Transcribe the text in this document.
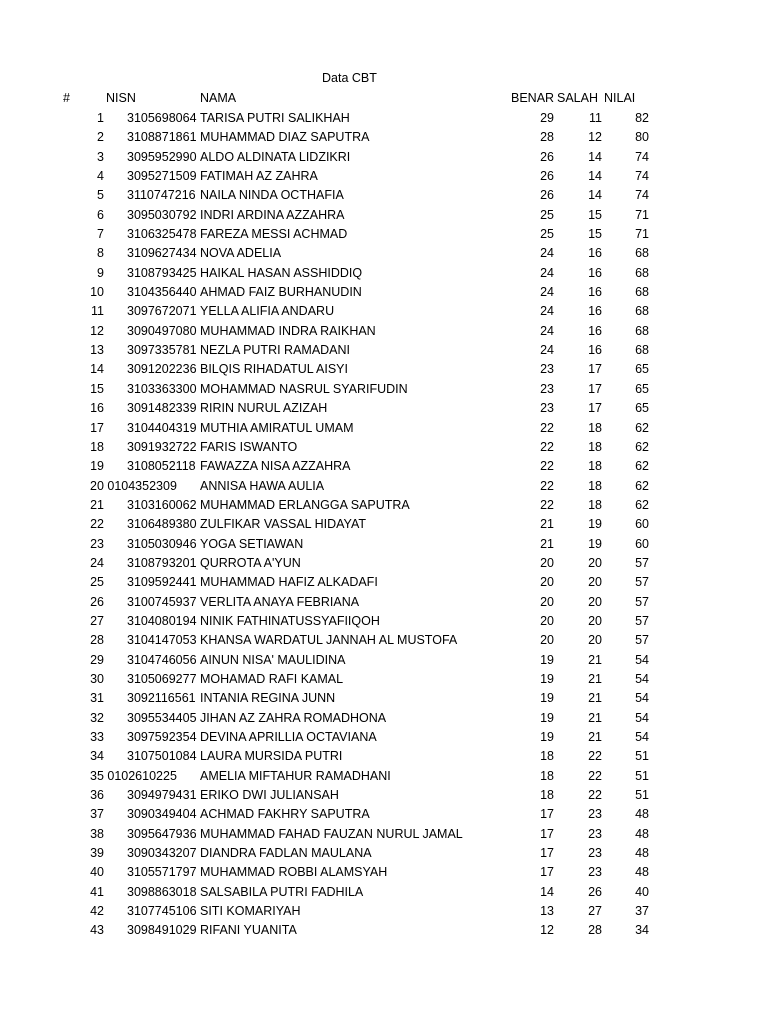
Data CBT
#	NISN	NAMA	BENAR SALAH NILAI
1 3105698064 TARISA PUTRI SALIKHAH	29	11	82
2 3108871861 MUHAMMAD DIAZ SAPUTRA	28	12	80
3 3095952990 ALDO ALDINATA LIDZIKRI	26	14	74
4 3095271509 FATIMAH AZ ZAHRA	26	14	74
5 3110747216 NAILA NINDA OCTHAFIA	26	14	74
6 3095030792 INDRI ARDINA AZZAHRA	25	15	71
7 3106325478 FAREZA MESSI ACHMAD	25	15	71
8 3109627434 NOVA ADELIA	24	16	68
9 3108793425 HAIKAL HASAN ASSHIDDIQ	24	16	68
10 3104356440 AHMAD FAIZ BURHANUDIN	24	16	68
11 3097672071 YELLA ALIFIA ANDARU	24	16	68
12 3090497080 MUHAMMAD INDRA RAIKHAN	24	16	68
13 3097335781 NEZLA PUTRI RAMADANI	24	16	68
14 3091202236 BILQIS RIHADATUL AISYI	23	17	65
15 3103363300 MOHAMMAD NASRUL SYARIFUDIN	23	17	65
16 3091482339 RIRIN NURUL AZIZAH	23	17	65
17 3104404319 MUTHIA AMIRATUL UMAM	22	18	62
18 3091932722 FARIS ISWANTO	22	18	62
19 3108052118 FAWAZZA NISA AZZAHRA	22	18	62
20 0104352309 ANNISA HAWA AULIA	22	18	62
21 3103160062 MUHAMMAD ERLANGGA SAPUTRA	22	18	62
22 3106489380 ZULFIKAR VASSAL HIDAYAT	21	19	60
23 3105030946 YOGA SETIAWAN	21	19	60
24 3108793201 QURROTA A'YUN	20	20	57
25 3109592441 MUHAMMAD HAFIZ ALKADAFI	20	20	57
26 3100745937 VERLITA ANAYA FEBRIANA	20	20	57
27 3104080194 NINIK FATHINATUSSYAFIIQOH	20	20	57
28 3104147053 KHANSA WARDATUL JANNAH AL MUSTOFA	20	20	57
29 3104746056 AINUN NISA' MAULIDINA	19	21	54
30 3105069277 MOHAMAD RAFI KAMAL	19	21	54
31 3092116561 INTANIA REGINA JUNN	19	21	54
32 3095534405 JIHAN AZ ZAHRA ROMADHONA	19	21	54
33 3097592354 DEVINA APRILLIA OCTAVIANA	19	21	54
34 3107501084 LAURA MURSIDA PUTRI	18	22	51
35 0102610225 AMELIA MIFTAHUR RAMADHANI	18	22	51
36 3094979431 ERIKO DWI JULIANSAH	18	22	51
37 3090349404 ACHMAD FAKHRY SAPUTRA	17	23	48
38 3095647936 MUHAMMAD FAHAD FAUZAN NURUL JAMAL	17	23	48
39 3090343207 DIANDRA FADLAN MAULANA	17	23	48
40 3105571797 MUHAMMAD ROBBI ALAMSYAH	17	23	48
41 3098863018 SALSABILA PUTRI FADHILA	14	26	40
42 3107745106 SITI KOMARIYAH	13	27	37
43 3098491029 RIFANI YUANITA	12	28	34
